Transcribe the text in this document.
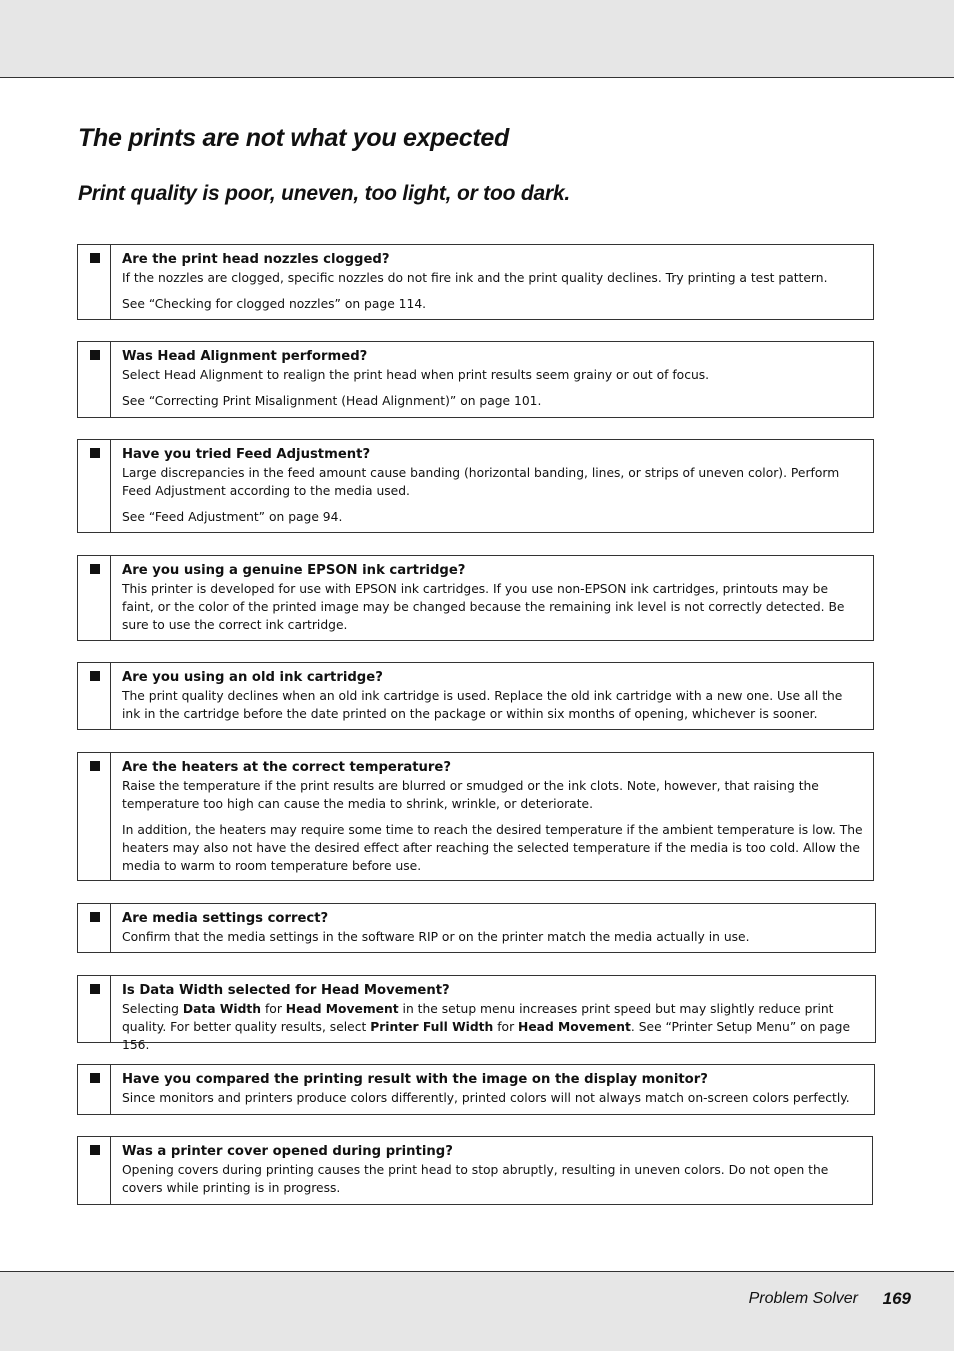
The prints are not what you expected
Print quality is poor, uneven, too light, or too dark.

Are the print head nozzles clogged?

If the nozzles are clogged, specific nozzles do not fire ink and the print quality declines. Try printing a test pattern.

See “Checking for clogged nozzles” on page 114.

Was Head Alignment performed?

Select Head Alignment to realign the print head when print results seem grainy or out of focus.

See “Correcting Print Misalignment (Head Alignment)” on page 101.

Have you tried Feed Adjustment?

Large discrepancies in the feed amount cause banding (horizontal banding, lines, or strips of uneven color). Perform Feed Adjustment according to the media used.

See “Feed Adjustment” on page 94.

Are you using a genuine EPSON ink cartridge?

This printer is developed for use with EPSON ink cartridges. If you use non-EPSON ink cartridges, printouts may be faint, or the color of the printed image may be changed because the remaining ink level is not correctly detected. Be sure to use the correct ink cartridge.

Are you using an old ink cartridge?

The print quality declines when an old ink cartridge is used. Replace the old ink cartridge with a new one. Use all the ink in the cartridge before the date printed on the package or within six months of opening, whichever is sooner.

Are the heaters at the correct temperature?

Raise the temperature if the print results are blurred or smudged or the ink clots. Note, however, that raising the temperature too high can cause the media to shrink, wrinkle, or deteriorate.

In addition, the heaters may require some time to reach the desired temperature if the ambient temperature is low. The heaters may also not have the desired effect after reaching the selected temperature if the media is too cold. Allow the media to warm to room temperature before use.

Are media settings correct?

Confirm that the media settings in the software RIP or on the printer match the media actually in use.

Is Data Width selected for Head Movement?

Selecting Data Width for Head Movement in the setup menu increases print speed but may slightly reduce print quality. For better quality results, select Printer Full Width for Head Movement. See “Printer Setup Menu” on page 156.

Have you compared the printing result with the image on the display monitor?

Since monitors and printers produce colors differently, printed colors will not always match on-screen colors perfectly.

Was a printer cover opened during printing?

Opening covers during printing causes the print head to stop abruptly, resulting in uneven colors. Do not open the covers while printing is in progress.

Problem Solver 169
